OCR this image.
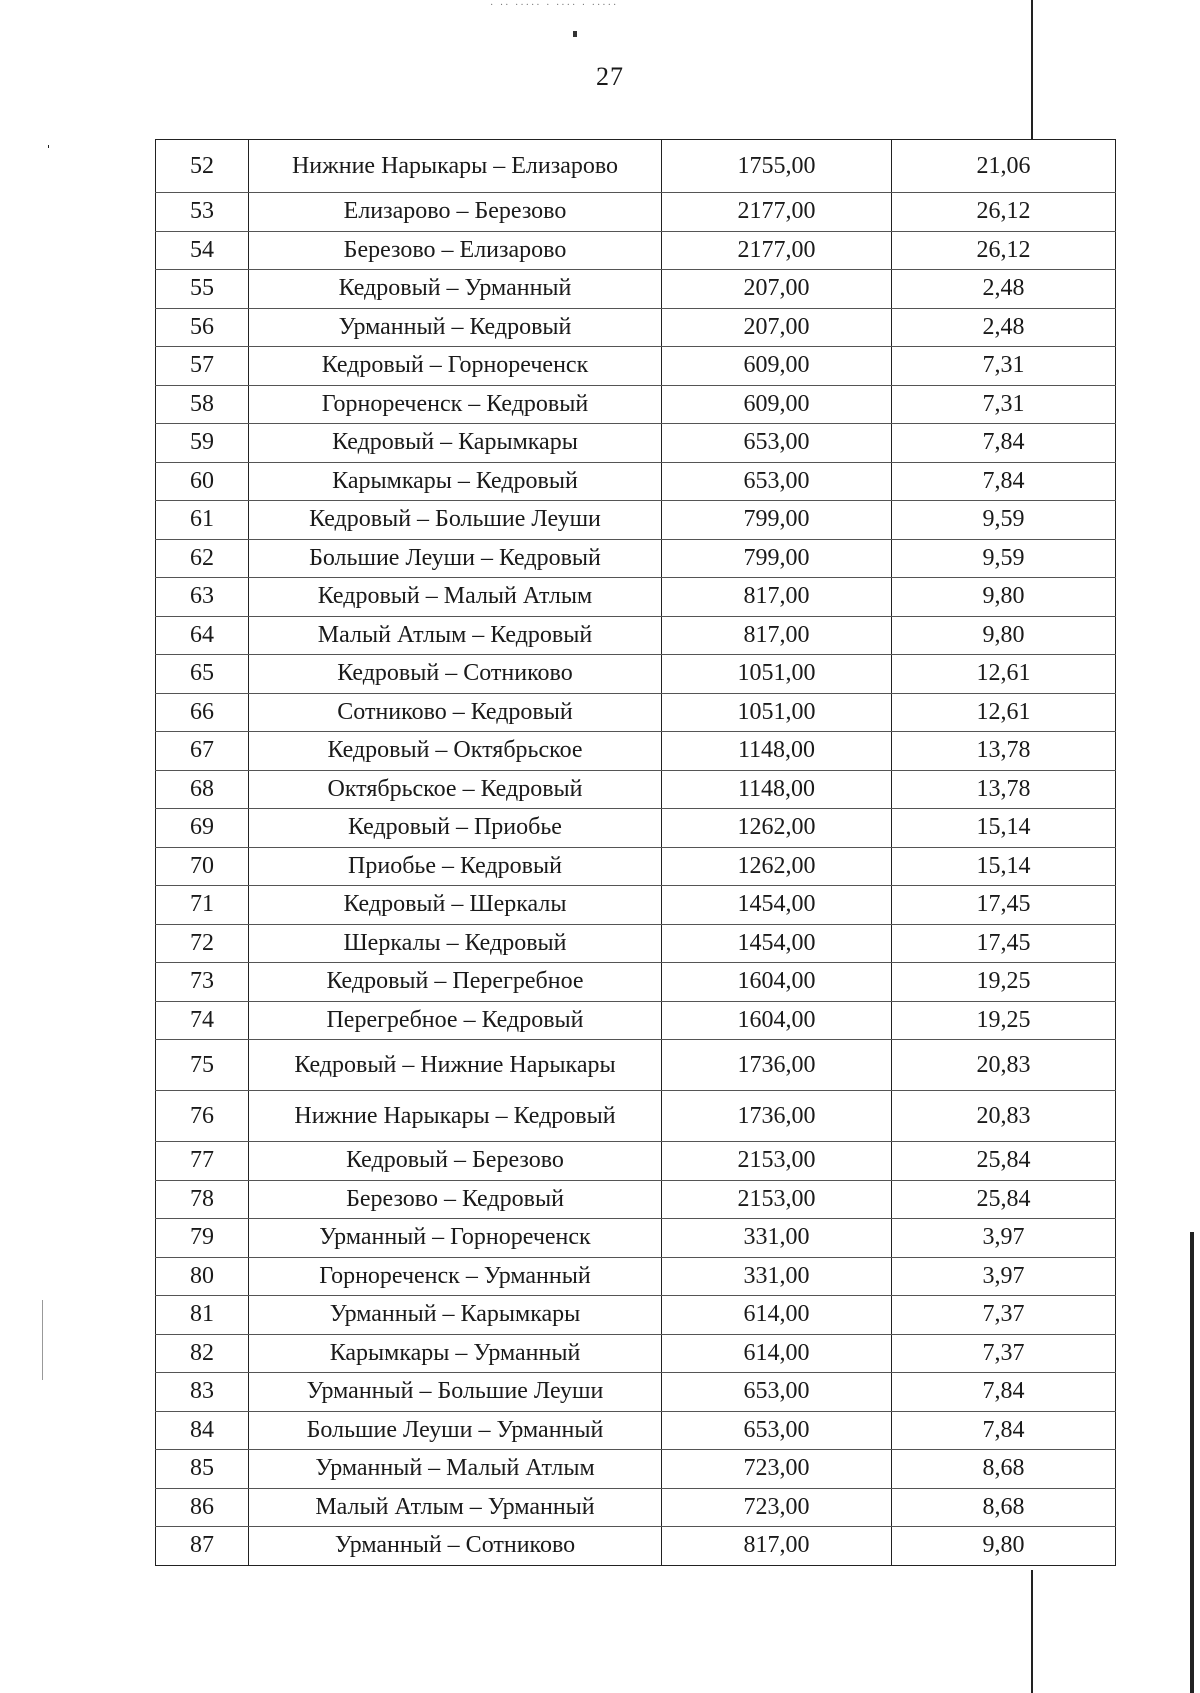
· ·· ····· · ···· · ·····
27
52	Нижние Нарыкары – Елизарово	1755,00	21,06
53	Елизарово – Березово	2177,00	26,12
54	Березово – Елизарово	2177,00	26,12
55	Кедровый – Урманный	207,00	2,48
56	Урманный – Кедровый	207,00	2,48
57	Кедровый – Горнореченск	609,00	7,31
58	Горнореченск – Кедровый	609,00	7,31
59	Кедровый – Карымкары	653,00	7,84
60	Карымкары – Кедровый	653,00	7,84
61	Кедровый – Большие Леуши	799,00	9,59
62	Большие Леуши – Кедровый	799,00	9,59
63	Кедровый – Малый Атлым	817,00	9,80
64	Малый Атлым – Кедровый	817,00	9,80
65	Кедровый – Сотниково	1051,00	12,61
66	Сотниково – Кедровый	1051,00	12,61
67	Кедровый – Октябрьское	1148,00	13,78
68	Октябрьское – Кедровый	1148,00	13,78
69	Кедровый – Приобье	1262,00	15,14
70	Приобье – Кедровый	1262,00	15,14
71	Кедровый – Шеркалы	1454,00	17,45
72	Шеркалы – Кедровый	1454,00	17,45
73	Кедровый – Перегребное	1604,00	19,25
74	Перегребное – Кедровый	1604,00	19,25
75	Кедровый – Нижние Нарыкары	1736,00	20,83
76	Нижние Нарыкары – Кедровый	1736,00	20,83
77	Кедровый – Березово	2153,00	25,84
78	Березово – Кедровый	2153,00	25,84
79	Урманный – Горнореченск	331,00	3,97
80	Горнореченск – Урманный	331,00	3,97
81	Урманный – Карымкары	614,00	7,37
82	Карымкары – Урманный	614,00	7,37
83	Урманный – Большие Леуши	653,00	7,84
84	Большие Леуши – Урманный	653,00	7,84
85	Урманный – Малый Атлым	723,00	8,68
86	Малый Атлым – Урманный	723,00	8,68
87	Урманный – Сотниково	817,00	9,80
